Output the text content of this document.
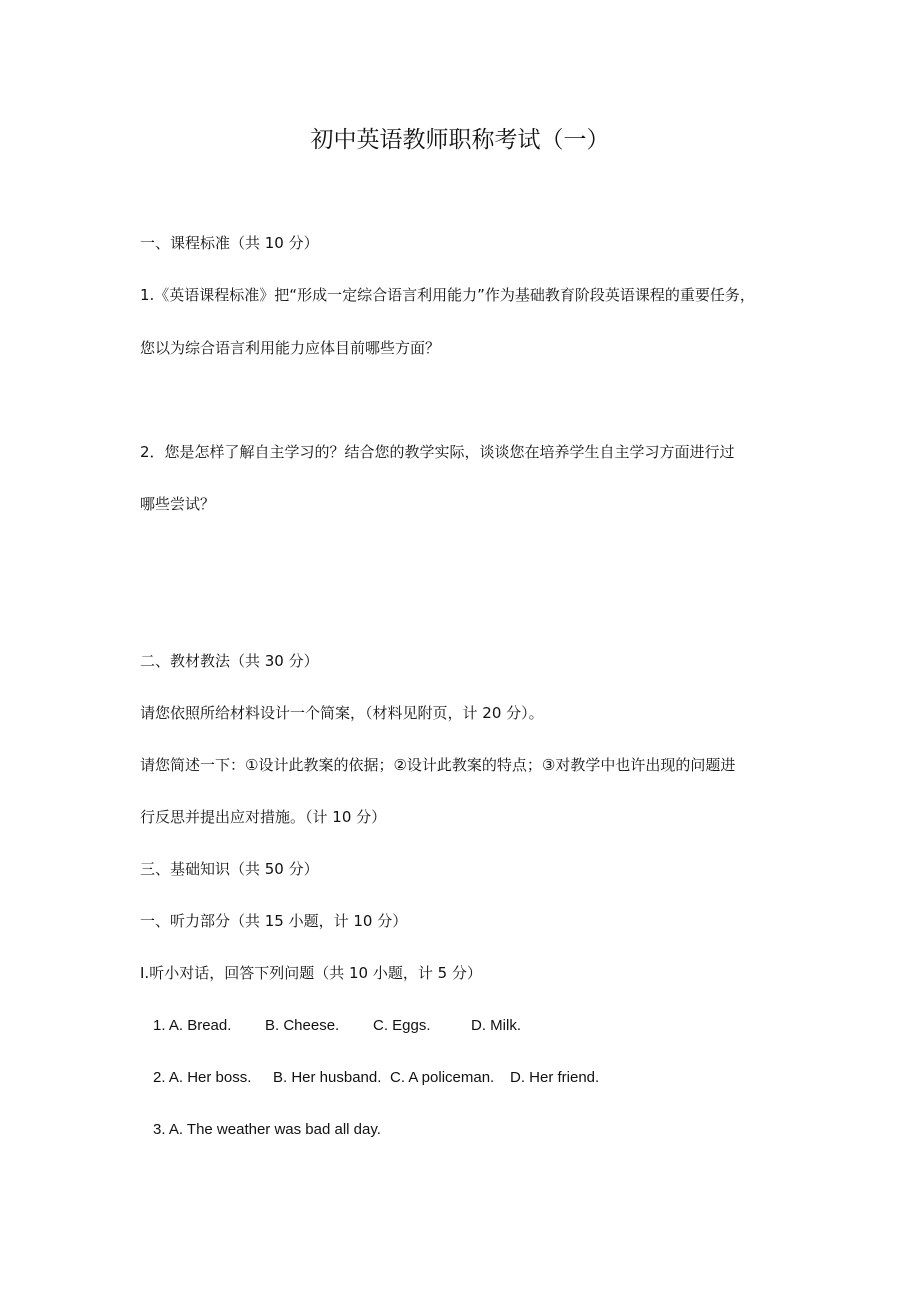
初中英语教师职称考试（一）
一、课程标准（共 10 分）
1.《英语课程标准》把“形成一定综合语言利用能力”作为基础教育阶段英语课程的重要任务，
您以为综合语言利用能力应体目前哪些方面？
2．您是怎样了解自主学习的？结合您的教学实际，谈谈您在培养学生自主学习方面进行过
哪些尝试？
二、教材教法（共 30 分）
请您依照所给材料设计一个简案，（材料见附页，计 20 分）。
请您简述一下：①设计此教案的依据；②设计此教案的特点；③对教学中也许出现的问题进
行反思并提出应对措施。（计 10 分）
三、基础知识（共 50 分）
一、听力部分（共 15 小题，计 10 分）
Ⅰ.听小对话，回答下列问题（共 10 小题，计 5 分）
1. A. Bread. B. Cheese. C. Eggs.	D. Milk.
2. A. Her boss. B. Her husband. C. A policeman. D. Her friend.
3. A. The weather was bad all day.
